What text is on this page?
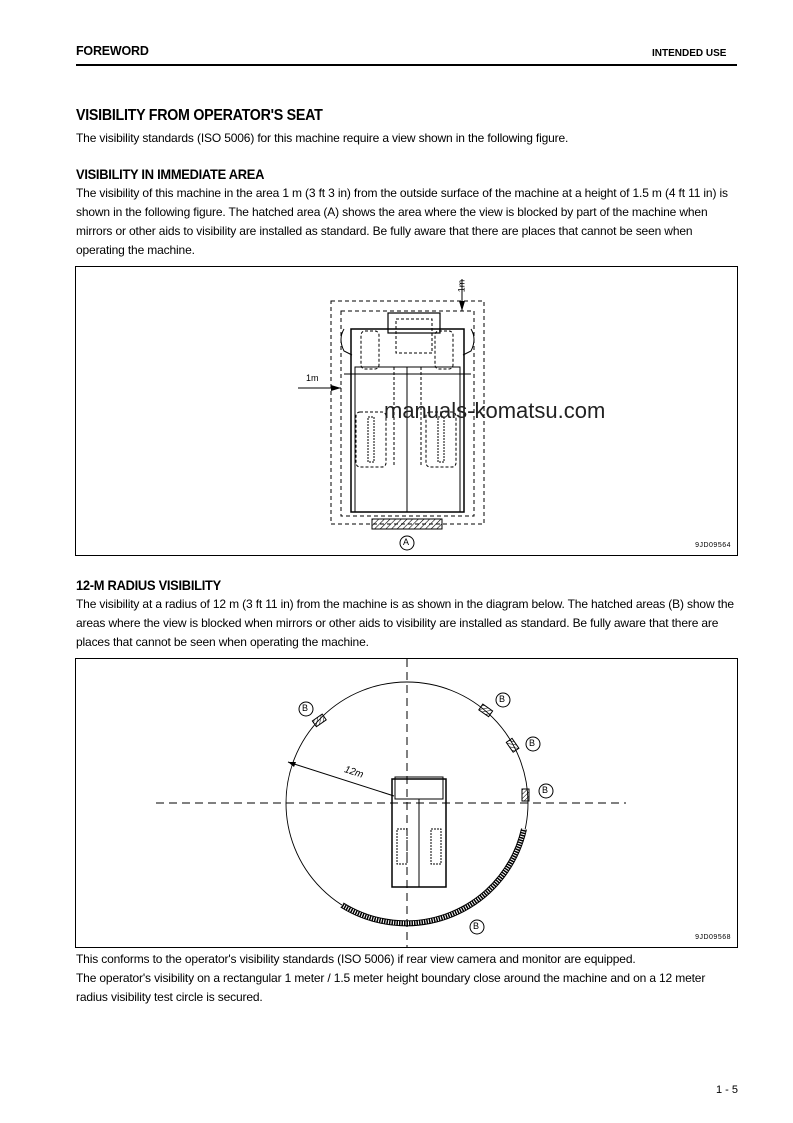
FOREWORD	INTENDED USE
VISIBILITY FROM OPERATOR'S SEAT

The visibility standards (ISO 5006) for this machine require a view shown in the following figure.

VISIBILITY IN IMMEDIATE AREA

The visibility of this machine in the area 1 m (3 ft 3 in) from the outside surface of the machine at a height of 1.5 m (4 ft 11 in) is shown in the following figure. The hatched area (A) shows the area where the view is blocked by part of the machine when mirrors or other aids to visibility are installed as standard. Be fully aware that there are places that cannot be seen when operating the machine.

1m
1m
A	9JD09564
manuals-komatsu.com
12-M RADIUS VISIBILITY

The visibility at a radius of 12 m (3 ft 11 in) from the machine is as shown in the diagram below. The hatched areas (B) show the areas where the view is blocked when mirrors or other aids to visibility are installed as standard. Be fully aware that there are places that cannot be seen when operating the machine.

12m
B
B
B
B
B
9JD09568

This conforms to the operator's visibility standards (ISO 5006) if rear view camera and monitor are equipped.

The operator's visibility on a rectangular 1 meter / 1.5 meter height boundary close around the machine and on a 12 meter radius visibility test circle is secured.

1 - 5
